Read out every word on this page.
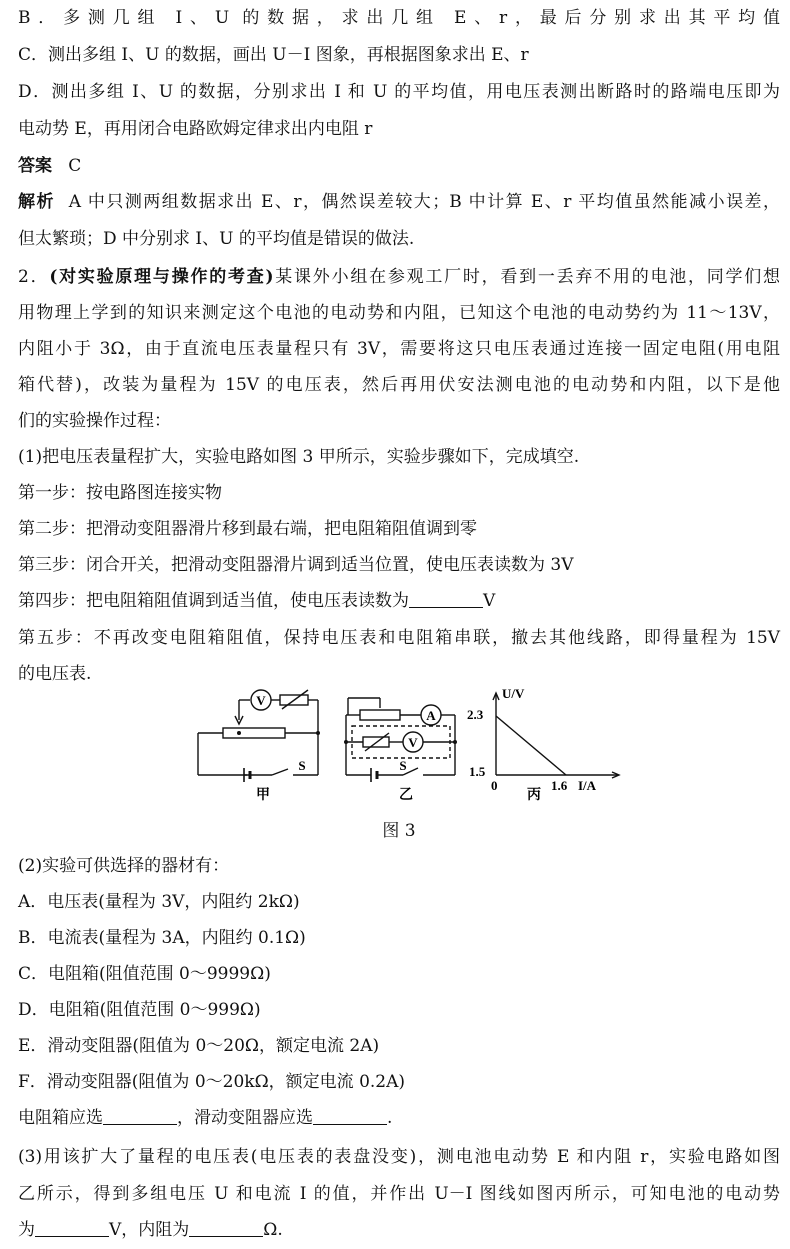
B．多测几组 I、U 的数据，求出几组 E、r，最后分别求出其平均值
C．测出多组 I、U 的数据，画出 U－I 图象，再根据图象求出 E、r
D．测出多组 I、U 的数据，分别求出 I 和 U 的平均值，用电压表测出断路时的路端电压即为
电动势 E，再用闭合电路欧姆定律求出内电阻 r
答案 C
解析 A 中只测两组数据求出 E、r，偶然误差较大；B 中计算 E、r 平均值虽然能减小误差，
但太繁琐；D 中分别求 I、U 的平均值是错误的做法.
2．(对实验原理与操作的考查)某课外小组在参观工厂时，看到一丢弃不用的电池，同学们想
用物理上学到的知识来测定这个电池的电动势和内阻，已知这个电池的电动势约为 11～13V，
内阻小于 3Ω，由于直流电压表量程只有 3V，需要将这只电压表通过连接一固定电阻(用电阻
箱代替)，改装为量程为 15V 的电压表，然后再用伏安法测电池的电动势和内阻，以下是他
们的实验操作过程：
(1)把电压表量程扩大，实验电路如图 3 甲所示，实验步骤如下，完成填空.
第一步：按电路图连接实物
第二步：把滑动变阻器滑片移到最右端，把电阻箱阻值调到零
第三步：闭合开关，把滑动变阻器滑片调到适当位置，使电压表读数为 3V
第四步：把电阻箱阻值调到适当值，使电压表读数为	V
第五步：不再改变电阻箱阻值，保持电压表和电阻箱串联，撤去其他线路，即得量程为 15V
的电压表.
V
A
V
S	S
U/V
I/A
2.3
1.5
0	1.6
甲	乙	丙
图 3
(2)实验可供选择的器材有：
A．电压表(量程为 3V，内阻约 2kΩ)
B．电流表(量程为 3A，内阻约 0.1Ω)
C．电阻箱(阻值范围 0～9999Ω)
D．电阻箱(阻值范围 0～999Ω)
E．滑动变阻器(阻值为 0～20Ω，额定电流 2A)
F．滑动变阻器(阻值为 0～20kΩ，额定电流 0.2A)
电阻箱应选	，滑动变阻器应选	.
(3)用该扩大了量程的电压表(电压表的表盘没变)，测电池电动势 E 和内阻 r，实验电路如图
乙所示，得到多组电压 U 和电流 I 的值，并作出 U－I 图线如图丙所示，可知电池的电动势
为	V，内阻为	Ω.
